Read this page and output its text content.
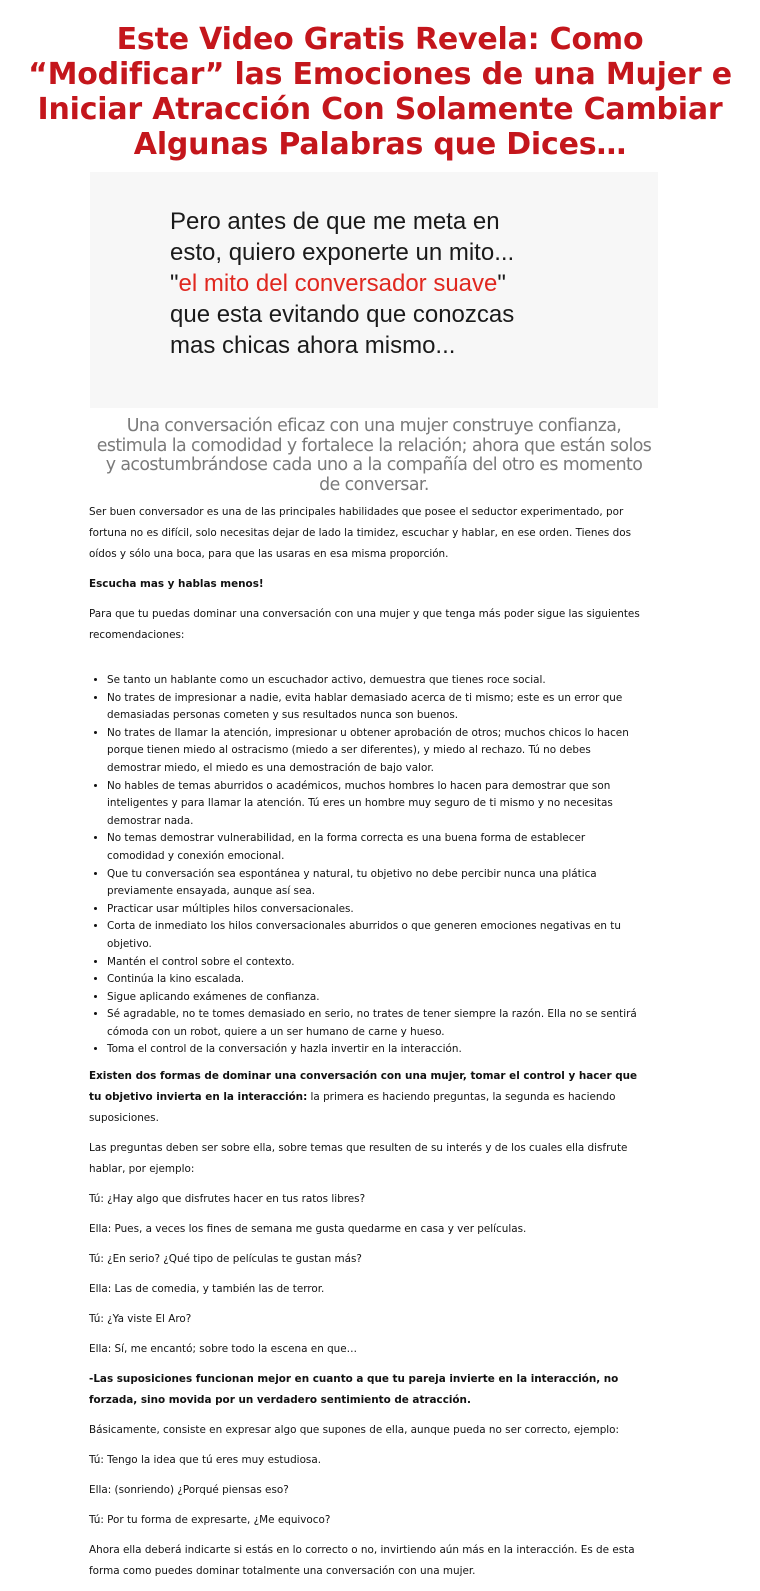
Este Video Gratis Revela: Como “Modificar” las Emociones de una Mujer e Iniciar Atracción Con Solamente Cambiar Algunas Palabras que Dices…
Pero antes de que me meta en
esto, quiero exponerte un mito...
"el mito del conversador suave"
que esta evitando que conozcas
mas chicas ahora mismo...

Una conversación eficaz con una mujer construye confianza, estimula la comodidad y fortalece la relación; ahora que están solos y acostumbrándose cada uno a la compañía del otro es momento de conversar.

Ser buen conversador es una de las principales habilidades que posee el seductor experimentado, por fortuna no es difícil, solo necesitas dejar de lado la timidez, escuchar y hablar, en ese orden. Tienes dos oídos y sólo una boca, para que las usaras en esa misma proporción.

Escucha mas y hablas menos!

Para que tu puedas dominar una conversación con una mujer y que tenga más poder sigue las siguientes recomendaciones:

• Se tanto un hablante como un escuchador activo, demuestra que tienes roce social.
• No trates de impresionar a nadie, evita hablar demasiado acerca de ti mismo; este es un error que demasiadas personas cometen y sus resultados nunca son buenos.
• No trates de llamar la atención, impresionar u obtener aprobación de otros; muchos chicos lo hacen porque tienen miedo al ostracismo (miedo a ser diferentes), y miedo al rechazo. Tú no debes demostrar miedo, el miedo es una demostración de bajo valor.
• No hables de temas aburridos o académicos, muchos hombres lo hacen para demostrar que son inteligentes y para llamar la atención. Tú eres un hombre muy seguro de ti mismo y no necesitas demostrar nada.
• No temas demostrar vulnerabilidad, en la forma correcta es una buena forma de establecer comodidad y conexión emocional.
• Que tu conversación sea espontánea y natural, tu objetivo no debe percibir nunca una plática previamente ensayada, aunque así sea.
• Practicar usar múltiples hilos conversacionales.
• Corta de inmediato los hilos conversacionales aburridos o que generen emociones negativas en tu objetivo.
• Mantén el control sobre el contexto.
• Continúa la kino escalada.
• Sigue aplicando exámenes de confianza.
• Sé agradable, no te tomes demasiado en serio, no trates de tener siempre la razón. Ella no se sentirá cómoda con un robot, quiere a un ser humano de carne y hueso.
• Toma el control de la conversación y hazla invertir en la interacción.

Existen dos formas de dominar una conversación con una mujer, tomar el control y hacer que tu objetivo invierta en la interacción: la primera es haciendo preguntas, la segunda es haciendo suposiciones.

Las preguntas deben ser sobre ella, sobre temas que resulten de su interés y de los cuales ella disfrute hablar, por ejemplo:

Tú: ¿Hay algo que disfrutes hacer en tus ratos libres?

Ella: Pues, a veces los fines de semana me gusta quedarme en casa y ver películas.

Tú: ¿En serio? ¿Qué tipo de películas te gustan más?

Ella: Las de comedia, y también las de terror.

Tú: ¿Ya viste El Aro?

Ella: Sí, me encantó; sobre todo la escena en que…

-Las suposiciones funcionan mejor en cuanto a que tu pareja invierte en la interacción, no forzada, sino movida por un verdadero sentimiento de atracción.

Básicamente, consiste en expresar algo que supones de ella, aunque pueda no ser correcto, ejemplo:

Tú: Tengo la idea que tú eres muy estudiosa.

Ella: (sonriendo) ¿Porqué piensas eso?

Tú: Por tu forma de expresarte, ¿Me equivoco?

Ahora ella deberá indicarte si estás en lo correcto o no, invirtiendo aún más en la interacción. Es de esta forma como puedes dominar totalmente una conversación con una mujer.
